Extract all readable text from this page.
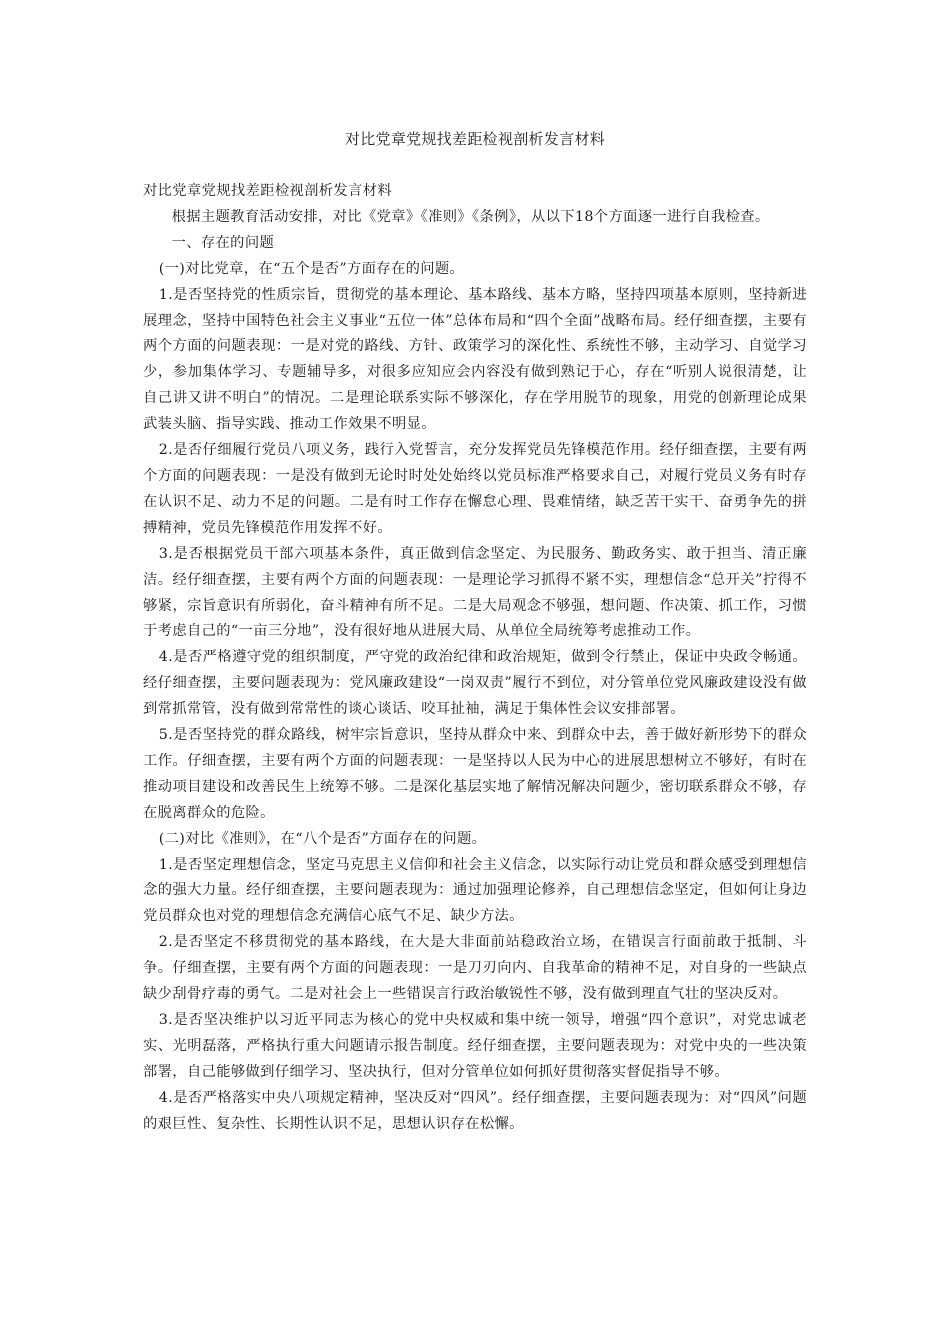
对比党章党规找差距检视剖析发言材料

对比党章党规找差距检视剖析发言材料

根据主题教育活动安排，对比《党章》《准则》《条例》，从以下18个方面逐一进行自我检查。

一、存在的问题

(一)对比党章，在“五个是否”方面存在的问题。

1.是否坚持党的性质宗旨，贯彻党的基本理论、基本路线、基本方略，坚持四项基本原则，坚持新进展理念，坚持中国特色社会主义事业“五位一体”总体布局和“四个全面”战略布局。经仔细查摆，主要有两个方面的问题表现：一是对党的路线、方针、政策学习的深化性、系统性不够，主动学习、自觉学习少，参加集体学习、专题辅导多，对很多应知应会内容没有做到熟记于心，存在“听别人说很清楚，让自己讲又讲不明白”的情况。二是理论联系实际不够深化，存在学用脱节的现象，用党的创新理论成果武装头脑、指导实践、推动工作效果不明显。

2.是否仔细履行党员八项义务，践行入党誓言，充分发挥党员先锋模范作用。经仔细查摆，主要有两个方面的问题表现：一是没有做到无论时时处处始终以党员标准严格要求自己，对履行党员义务有时存在认识不足、动力不足的问题。二是有时工作存在懈怠心理、畏难情绪，缺乏苦干实干、奋勇争先的拼搏精神，党员先锋模范作用发挥不好。

3.是否根据党员干部六项基本条件，真正做到信念坚定、为民服务、勤政务实、敢于担当、清正廉洁。经仔细查摆，主要有两个方面的问题表现：一是理论学习抓得不紧不实，理想信念“总开关”拧得不够紧，宗旨意识有所弱化，奋斗精神有所不足。二是大局观念不够强，想问题、作决策、抓工作，习惯于考虑自己的“一亩三分地”，没有很好地从进展大局、从单位全局统筹考虑推动工作。

4.是否严格遵守党的组织制度，严守党的政治纪律和政治规矩，做到令行禁止，保证中央政令畅通。经仔细查摆，主要问题表现为：党风廉政建设“一岗双责”履行不到位，对分管单位党风廉政建设没有做到常抓常管，没有做到常常性的谈心谈话、咬耳扯袖，满足于集体性会议安排部署。

5.是否坚持党的群众路线，树牢宗旨意识，坚持从群众中来、到群众中去，善于做好新形势下的群众工作。仔细查摆，主要有两个方面的问题表现：一是坚持以人民为中心的进展思想树立不够好，有时在推动项目建设和改善民生上统筹不够。二是深化基层实地了解情况解决问题少，密切联系群众不够，存在脱离群众的危险。

(二)对比《准则》，在“八个是否”方面存在的问题。

1.是否坚定理想信念，坚定马克思主义信仰和社会主义信念，以实际行动让党员和群众感受到理想信念的强大力量。经仔细查摆，主要问题表现为：通过加强理论修养，自己理想信念坚定，但如何让身边党员群众也对党的理想信念充满信心底气不足、缺少方法。

2.是否坚定不移贯彻党的基本路线，在大是大非面前站稳政治立场，在错误言行面前敢于抵制、斗争。仔细查摆，主要有两个方面的问题表现：一是刀刃向内、自我革命的精神不足，对自身的一些缺点缺少刮骨疗毒的勇气。二是对社会上一些错误言行政治敏锐性不够，没有做到理直气壮的坚决反对。

3.是否坚决维护以习近平同志为核心的党中央权威和集中统一领导，增强“四个意识”，对党忠诚老实、光明磊落，严格执行重大问题请示报告制度。经仔细查摆，主要问题表现为：对党中央的一些决策部署，自己能够做到仔细学习、坚决执行，但对分管单位如何抓好贯彻落实督促指导不够。

4.是否严格落实中央八项规定精神，坚决反对“四风”。经仔细查摆，主要问题表现为：对“四风”问题的艰巨性、复杂性、长期性认识不足，思想认识存在松懈。
